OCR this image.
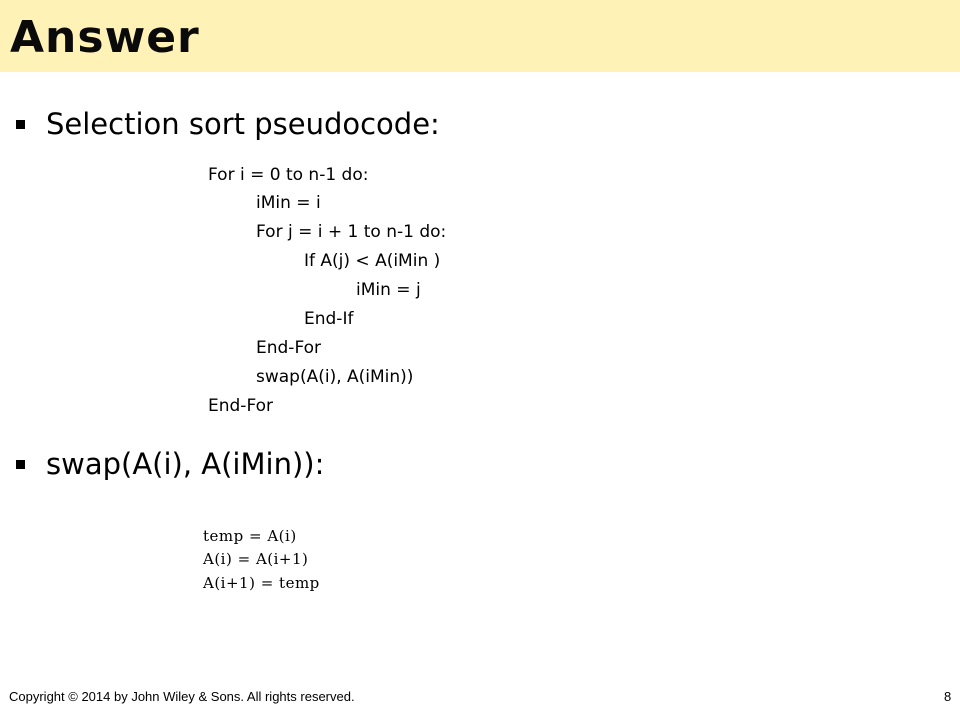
Answer
Selection sort pseudocode:
For i = 0 to n-1 do:
iMin = i
For j = i + 1 to n-1 do:
If A(j) < A(iMin )
iMin = j
End-If
End-For
swap(A(i), A(iMin))
End-For
swap(A(i), A(iMin)):
temp = A(i)
A(i) = A(i+1)
A(i+1) = temp
Copyright © 2014 by John Wiley & Sons. All rights reserved.	8
